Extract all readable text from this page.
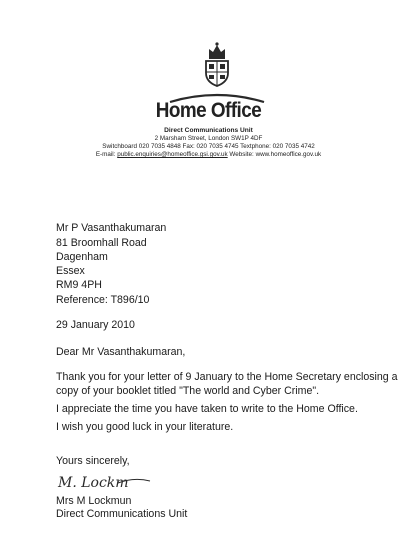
Home Office
Direct Communications Unit
2 Marsham Street, London SW1P 4DF
Switchboard 020 7035 4848 Fax: 020 7035 4745 Textphone: 020 7035 4742
E-mail: public.enquiries@homeoffice.gsi.gov.uk Website: www.homeoffice.gov.uk
Mr P Vasanthakumaran
81 Broomhall Road
Dagenham
Essex
RM9 4PH
Reference: T896/10
29 January 2010
Dear Mr Vasanthakumaran,
Thank you for your letter of 9 January to the Home Secretary enclosing a
copy of your booklet titled "The world and Cyber Crime".
I appreciate the time you have taken to write to the Home Office.
I wish you good luck in your literature.
Yours sincerely,
M. Lockm
Mrs M Lockmun
Direct Communications Unit
